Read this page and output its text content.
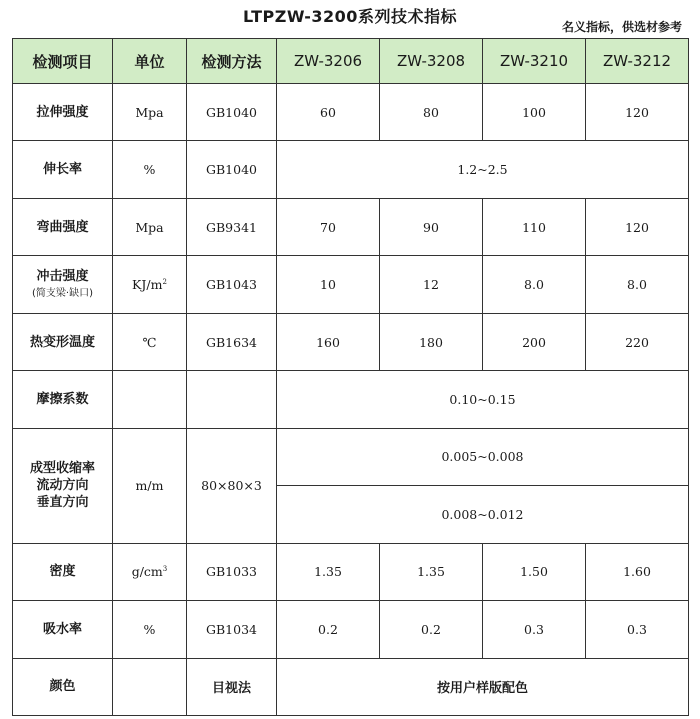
LTPZW-3200系列技术指标
名义指标，供选材参考
检测项目	单位	检测方法	ZW-3206	ZW-3208	ZW-3210	ZW-3212
拉伸强度	Mpa	GB1040	60	80	100	120
伸长率	%	GB1040	1.2~2.5			
弯曲强度	Mpa	GB9341	70	90	110	120
冲击强度
(简支梁·缺口)	$KJ/m^2$	GB1043	10	12	8.0	8.0
热变形温度	℃	GB1634	160	180	200	220
摩擦系数			0.10~0.15			
成型收缩率
流动方向
垂直方向	m/m	80×80×3	0.005~0.008			
			0.008~0.012			
密度	$g/cm^3$	GB1033	1.35	1.35	1.50	1.60
吸水率	%	GB1034	0.2	0.2	0.3	0.3
颜色		目视法	按用户样版配色			
